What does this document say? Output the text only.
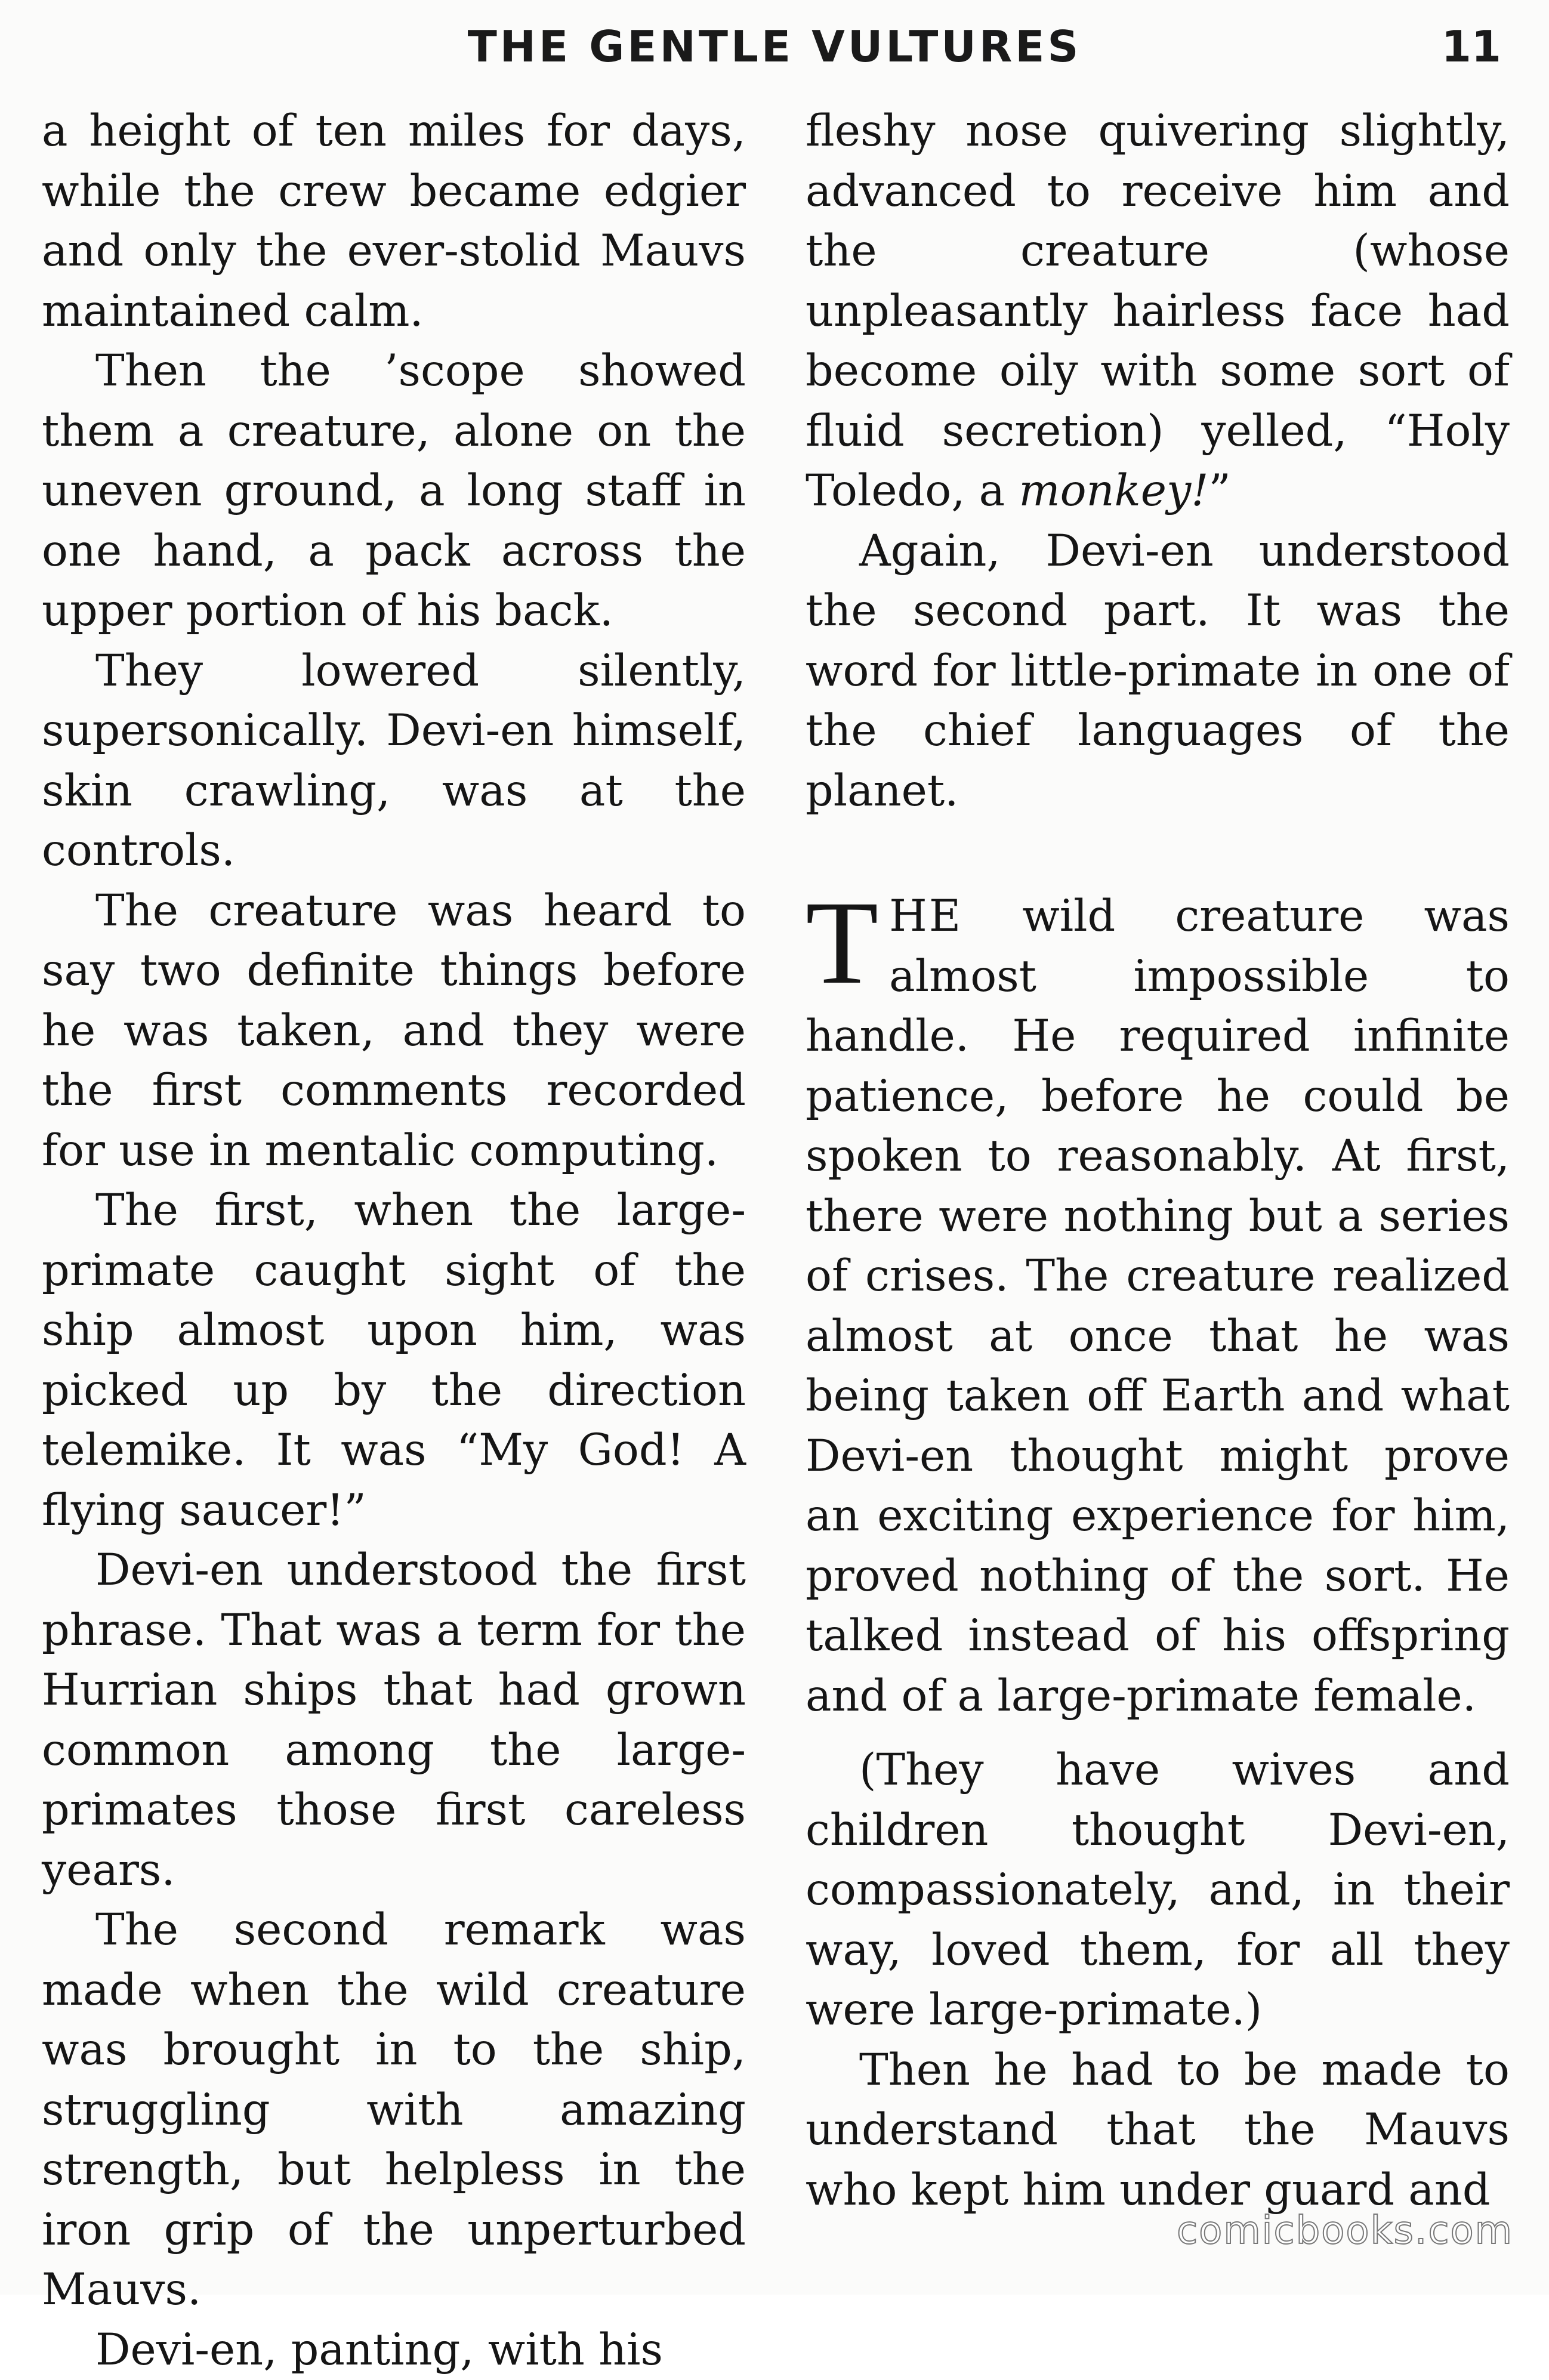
THE GENTLE VULTURES	11

a height of ten miles for days, while the crew became edgier and only the ever-stolid Mauvs maintained calm.

Then the ’scope showed them a creature, alone on the uneven ground, a long staff in one hand, a pack across the upper portion of his back.

They lowered silently, supersonically. Devi-en himself, skin crawling, was at the controls.

The creature was heard to say two definite things before he was taken, and they were the first comments recorded for use in mentalic computing.

The first, when the large-primate caught sight of the ship almost upon him, was picked up by the direction telemike. It was “My God! A flying saucer!”

Devi-en understood the first phrase. That was a term for the Hurrian ships that had grown common among the large-primates those first careless years.

The second remark was made when the wild creature was brought in to the ship, struggling with amazing strength, but helpless in the iron grip of the unperturbed Mauvs.

Devi-en, panting, with his

fleshy nose quivering slightly, advanced to receive him and the creature (whose unpleasantly hairless face had become oily with some sort of fluid secretion) yelled, “Holy Toledo, a monkey!”

Again, Devi-en understood the second part. It was the word for little-primate in one of the chief languages of the planet.

THE wild creature was almost impossible to handle. He required infinite patience, before he could be spoken to reasonably. At first, there were nothing but a series of crises. The creature realized almost at once that he was being taken off Earth and what Devi-en thought might prove an exciting experience for him, proved nothing of the sort. He talked instead of his offspring and of a large-primate female.

(They have wives and children thought Devi-en, compassionately, and, in their way, loved them, for all they were large-primate.)

Then he had to be made to understand that the Mauvs who kept him under guard and

comicbooks.com
